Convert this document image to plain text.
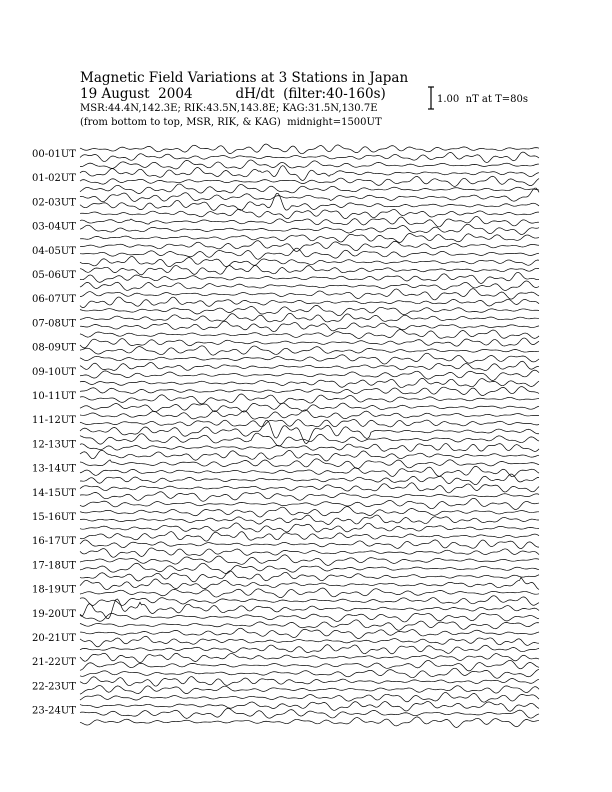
Magnetic Field Variations at 3 Stations in Japan
19 August  2004	dH/dt  (filter:40-160s)
MSR:44.4N,142.3E; RIK:43.5N,143.8E; KAG:31.5N,130.7E
(from bottom to top, MSR, RIK, & KAG)  midnight=1500UT
1.00  nT at T=80s
00-01UT
01-02UT
02-03UT
03-04UT
04-05UT
05-06UT
06-07UT
07-08UT
08-09UT
09-10UT
10-11UT
11-12UT
12-13UT
13-14UT
14-15UT
15-16UT
16-17UT
17-18UT
18-19UT
19-20UT
20-21UT
21-22UT
22-23UT
23-24UT
